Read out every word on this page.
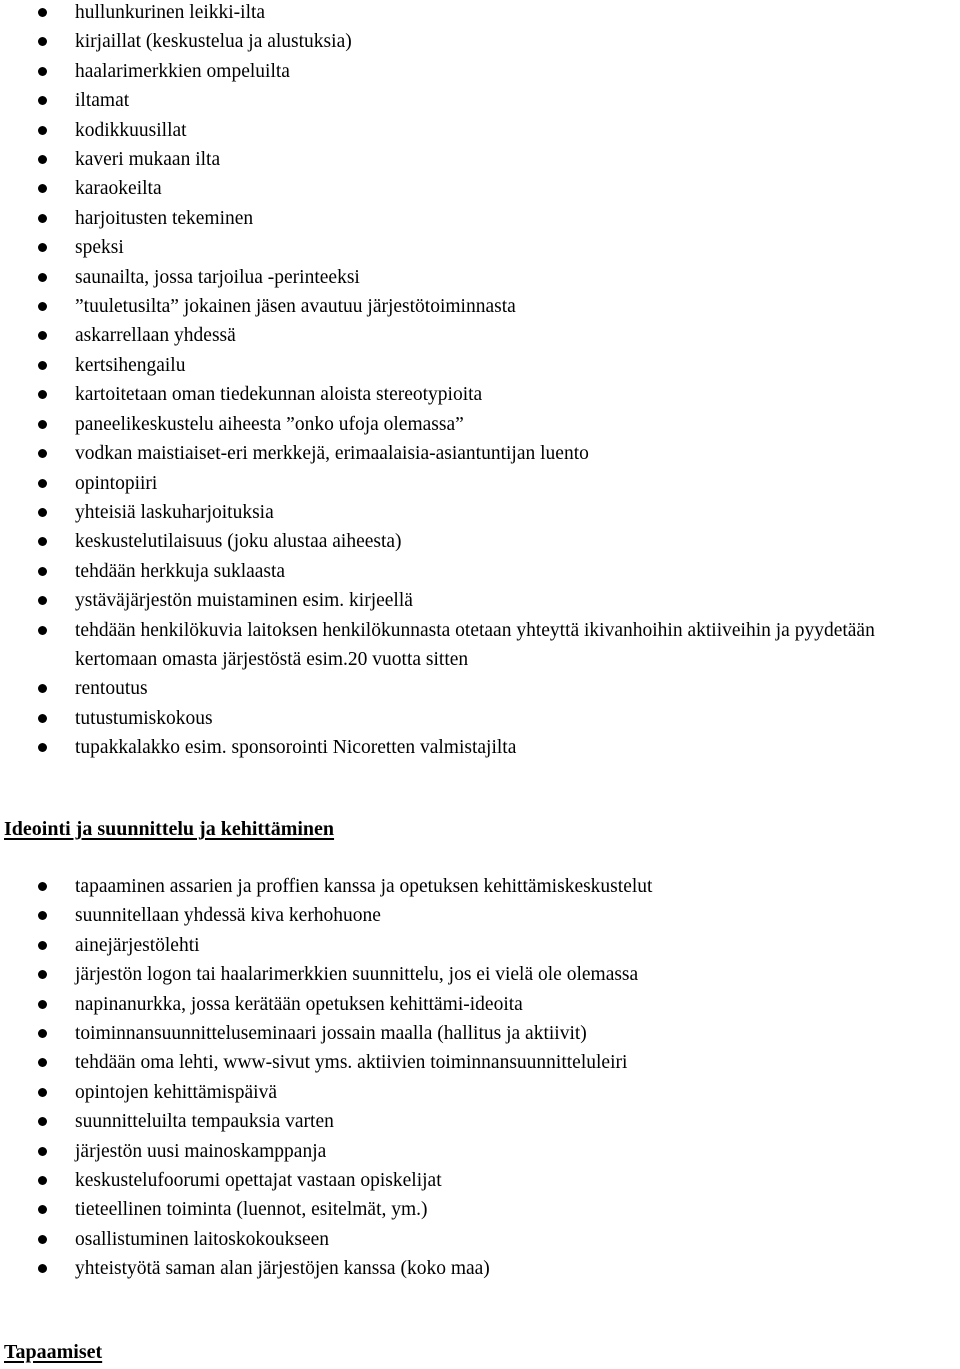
hullunkurinen leikki-ilta
kirjaillat (keskustelua ja alustuksia)
haalarimerkkien ompeluilta
iltamat
kodikkuusillat
kaveri mukaan ilta
karaokeilta
harjoitusten tekeminen
speksi
saunailta, jossa tarjoilua -perinteeksi
”tuuletusilta” jokainen jäsen avautuu järjestötoiminnasta
askarrellaan yhdessä
kertsihengailu
kartoitetaan oman tiedekunnan aloista stereotypioita
paneelikeskustelu aiheesta ”onko ufoja olemassa”
vodkan maistiaiset-eri merkkejä, erimaalaisia-asiantuntijan luento
opintopiiri
yhteisiä laskuharjoituksia
keskustelutilaisuus (joku alustaa aiheesta)
tehdään herkkuja suklaasta
ystäväjärjestön muistaminen esim. kirjeellä
tehdään henkilökuvia laitoksen henkilökunnasta otetaan yhteyttä ikivanhoihin aktiiveihin ja pyydetään kertomaan omasta järjestöstä esim.20 vuotta sitten
rentoutus
tutustumiskokous
tupakkalakko esim. sponsorointi Nicoretten valmistajilta
Ideointi ja suunnittelu ja kehittäminen
tapaaminen assarien ja proffien kanssa ja opetuksen kehittämiskeskustelut
suunnitellaan yhdessä kiva kerhohuone
ainejärjestölehti
järjestön logon tai haalarimerkkien suunnittelu, jos ei vielä ole olemassa
napinanurkka, jossa kerätään opetuksen kehittämi-ideoita
toiminnansuunnitteluseminaari jossain maalla (hallitus ja aktiivit)
tehdään oma lehti, www-sivut yms. aktiivien toiminnansuunnitteluleiri
opintojen kehittämispäivä
suunnitteluilta tempauksia varten
järjestön uusi mainoskamppanja
keskustelufoorumi opettajat vastaan opiskelijat
tieteellinen toiminta (luennot, esitelmät, ym.)
osallistuminen laitoskokoukseen
yhteistyötä saman alan järjestöjen kanssa (koko maa)
Tapaamiset
